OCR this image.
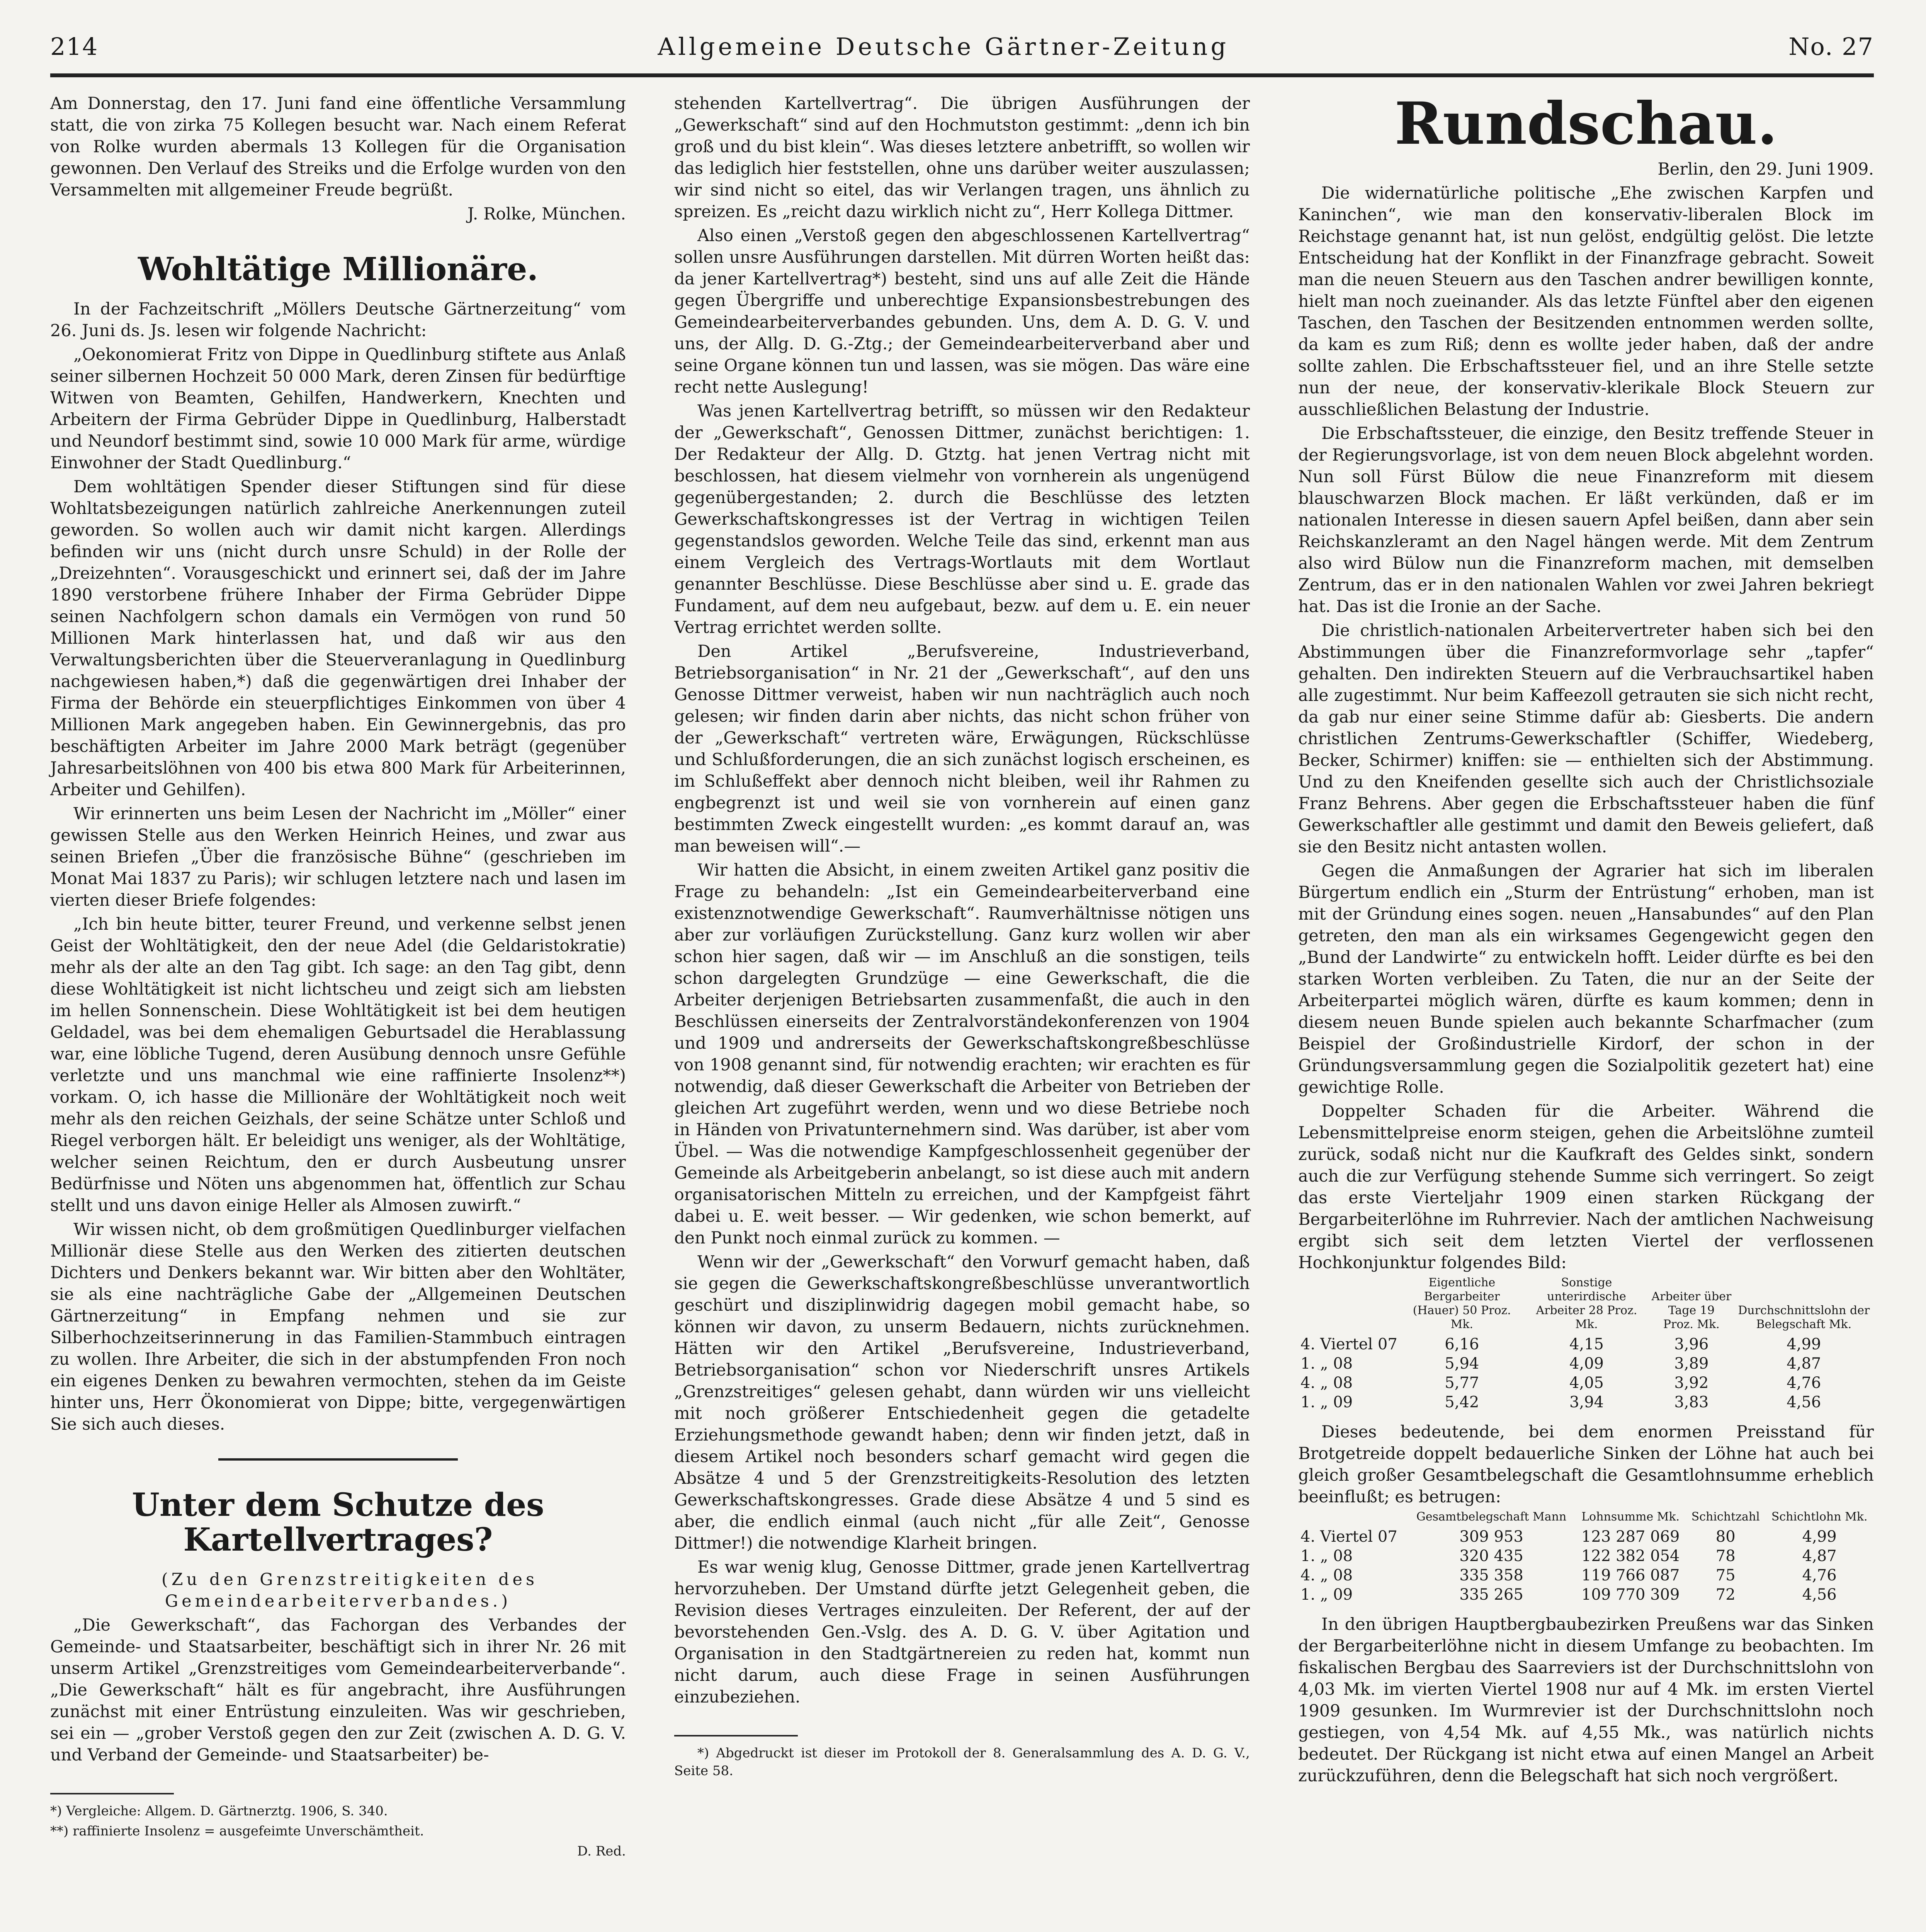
214	Allgemeine Deutsche Gärtner-Zeitung	No. 27

Am Donnerstag, den 17. Juni fand eine öffentliche Versammlung statt, die von zirka 75 Kollegen besucht war. Nach einem Referat von Rolke wurden abermals 13 Kollegen für die Organisation gewonnen. Den Verlauf des Streiks und die Erfolge wurden von den Versammelten mit allgemeiner Freude begrüßt.

J. Rolke, München.

Wohltätige Millionäre.

In der Fachzeitschrift „Möllers Deutsche Gärtnerzeitung“ vom 26. Juni ds. Js. lesen wir folgende Nachricht:

„Oekonomierat Fritz von Dippe in Quedlinburg stiftete aus Anlaß seiner silbernen Hochzeit 50 000 Mark, deren Zinsen für bedürftige Witwen von Beamten, Gehilfen, Handwerkern, Knechten und Arbeitern der Firma Gebrüder Dippe in Quedlinburg, Halberstadt und Neundorf bestimmt sind, sowie 10 000 Mark für arme, würdige Einwohner der Stadt Quedlinburg.“

Dem wohltätigen Spender dieser Stiftungen sind für diese Wohltatsbezeigungen natürlich zahlreiche Anerkennungen zuteil geworden. So wollen auch wir damit nicht kargen. Allerdings befinden wir uns (nicht durch unsre Schuld) in der Rolle der „Dreizehnten“. Vorausgeschickt und erinnert sei, daß der im Jahre 1890 verstorbene frühere Inhaber der Firma Gebrüder Dippe seinen Nachfolgern schon damals ein Vermögen von rund 50 Millionen Mark hinterlassen hat, und daß wir aus den Verwaltungsberichten über die Steuerveranlagung in Quedlinburg nachgewiesen haben,*) daß die gegenwärtigen drei Inhaber der Firma der Behörde ein steuerpflichtiges Einkommen von über 4 Millionen Mark angegeben haben. Ein Gewinnergebnis, das pro beschäftigten Arbeiter im Jahre 2000 Mark beträgt (gegenüber Jahresarbeitslöhnen von 400 bis etwa 800 Mark für Arbeiterinnen, Arbeiter und Gehilfen).

Wir erinnerten uns beim Lesen der Nachricht im „Möller“ einer gewissen Stelle aus den Werken Heinrich Heines, und zwar aus seinen Briefen „Über die französische Bühne“ (geschrieben im Monat Mai 1837 zu Paris); wir schlugen letztere nach und lasen im vierten dieser Briefe folgendes:

„Ich bin heute bitter, teurer Freund, und verkenne selbst jenen Geist der Wohltätigkeit, den der neue Adel (die Geldaristokratie) mehr als der alte an den Tag gibt. Ich sage: an den Tag gibt, denn diese Wohltätigkeit ist nicht lichtscheu und zeigt sich am liebsten im hellen Sonnenschein. Diese Wohltätigkeit ist bei dem heutigen Geldadel, was bei dem ehemaligen Geburtsadel die Herablassung war, eine löbliche Tugend, deren Ausübung dennoch unsre Gefühle verletzte und uns manchmal wie eine raffinierte Insolenz**) vorkam. O, ich hasse die Millionäre der Wohltätigkeit noch weit mehr als den reichen Geizhals, der seine Schätze unter Schloß und Riegel verborgen hält. Er beleidigt uns weniger, als der Wohltätige, welcher seinen Reichtum, den er durch Ausbeutung unsrer Bedürfnisse und Nöten uns abgenommen hat, öffentlich zur Schau stellt und uns davon einige Heller als Almosen zuwirft.“

Wir wissen nicht, ob dem großmütigen Quedlinburger vielfachen Millionär diese Stelle aus den Werken des zitierten deutschen Dichters und Denkers bekannt war. Wir bitten aber den Wohltäter, sie als eine nachträgliche Gabe der „Allgemeinen Deutschen Gärtnerzeitung“ in Empfang nehmen und sie zur Silberhochzeitserinnerung in das Familien-Stammbuch eintragen zu wollen. Ihre Arbeiter, die sich in der abstumpfenden Fron noch ein eigenes Denken zu bewahren vermochten, stehen da im Geiste hinter uns, Herr Ökonomierat von Dippe; bitte, vergegenwärtigen Sie sich auch dieses.

Unter dem Schutze des Kartellvertrages?

(Zu den Grenzstreitigkeiten des Gemeindearbeiterverbandes.)

„Die Gewerkschaft“, das Fachorgan des Verbandes der Gemeinde- und Staatsarbeiter, beschäftigt sich in ihrer Nr. 26 mit unserm Artikel „Grenzstreitiges vom Gemeindearbeiterverbande“. „Die Gewerkschaft“ hält es für angebracht, ihre Ausführungen zunächst mit einer Entrüstung einzuleiten. Was wir geschrieben, sei ein — „grober Verstoß gegen den zur Zeit (zwischen A. D. G. V. und Verband der Gemeinde- und Staatsarbeiter) be-

*) Vergleiche: Allgem. D. Gärtnerztg. 1906, S. 340.

**) raffinierte Insolenz = ausgefeimte Unverschämtheit.

D. Red.

stehenden Kartellvertrag“. Die übrigen Ausführungen der „Gewerkschaft“ sind auf den Hochmutston gestimmt: „denn ich bin groß und du bist klein“. Was dieses letztere anbetrifft, so wollen wir das lediglich hier feststellen, ohne uns darüber weiter auszulassen; wir sind nicht so eitel, das wir Verlangen tragen, uns ähnlich zu spreizen. Es „reicht dazu wirklich nicht zu“, Herr Kollega Dittmer.

Also einen „Verstoß gegen den abgeschlossenen Kartellvertrag“ sollen unsre Ausführungen darstellen. Mit dürren Worten heißt das: da jener Kartellvertrag*) besteht, sind uns auf alle Zeit die Hände gegen Übergriffe und unberechtige Expansionsbestrebungen des Gemeindearbeiterverbandes gebunden. Uns, dem A. D. G. V. und uns, der Allg. D. G.-Ztg.; der Gemeindearbeiterverband aber und seine Organe können tun und lassen, was sie mögen. Das wäre eine recht nette Auslegung!

Was jenen Kartellvertrag betrifft, so müssen wir den Redakteur der „Gewerkschaft“, Genossen Dittmer, zunächst berichtigen: 1. Der Redakteur der Allg. D. Gtztg. hat jenen Vertrag nicht mit beschlossen, hat diesem vielmehr von vornherein als ungenügend gegenübergestanden; 2. durch die Beschlüsse des letzten Gewerkschaftskongresses ist der Vertrag in wichtigen Teilen gegenstandslos geworden. Welche Teile das sind, erkennt man aus einem Vergleich des Vertrags-Wortlauts mit dem Wortlaut genannter Beschlüsse. Diese Beschlüsse aber sind u. E. grade das Fundament, auf dem neu aufgebaut, bezw. auf dem u. E. ein neuer Vertrag errichtet werden sollte.

Den Artikel „Berufsvereine, Industrieverband, Betriebsorganisation“ in Nr. 21 der „Gewerkschaft“, auf den uns Genosse Dittmer verweist, haben wir nun nachträglich auch noch gelesen; wir finden darin aber nichts, das nicht schon früher von der „Gewerkschaft“ vertreten wäre, Erwägungen, Rückschlüsse und Schlußforderungen, die an sich zunächst logisch erscheinen, es im Schlußeffekt aber dennoch nicht bleiben, weil ihr Rahmen zu engbegrenzt ist und weil sie von vornherein auf einen ganz bestimmten Zweck eingestellt wurden: „es kommt darauf an, was man beweisen will“.—

Wir hatten die Absicht, in einem zweiten Artikel ganz positiv die Frage zu behandeln: „Ist ein Gemeindearbeiterverband eine existenznotwendige Gewerkschaft“. Raumverhältnisse nötigen uns aber zur vorläufigen Zurückstellung. Ganz kurz wollen wir aber schon hier sagen, daß wir — im Anschluß an die sonstigen, teils schon dargelegten Grundzüge — eine Gewerkschaft, die die Arbeiter derjenigen Betriebsarten zusammenfaßt, die auch in den Beschlüssen einerseits der Zentralvorständekonferenzen von 1904 und 1909 und andrerseits der Gewerkschaftskongreßbeschlüsse von 1908 genannt sind, für notwendig erachten; wir erachten es für notwendig, daß dieser Gewerkschaft die Arbeiter von Betrieben der gleichen Art zugeführt werden, wenn und wo diese Betriebe noch in Händen von Privatunternehmern sind. Was darüber, ist aber vom Übel. — Was die notwendige Kampfgeschlossenheit gegenüber der Gemeinde als Arbeitgeberin anbelangt, so ist diese auch mit andern organisatorischen Mitteln zu erreichen, und der Kampfgeist fährt dabei u. E. weit besser. — Wir gedenken, wie schon bemerkt, auf den Punkt noch einmal zurück zu kommen. —

Wenn wir der „Gewerkschaft“ den Vorwurf gemacht haben, daß sie gegen die Gewerkschaftskongreßbeschlüsse unverantwortlich geschürt und disziplinwidrig dagegen mobil gemacht habe, so können wir davon, zu unserm Bedauern, nichts zurücknehmen. Hätten wir den Artikel „Berufsvereine, Industrieverband, Betriebsorganisation“ schon vor Niederschrift unsres Artikels „Grenzstreitiges“ gelesen gehabt, dann würden wir uns vielleicht mit noch größerer Entschiedenheit gegen die getadelte Erziehungsmethode gewandt haben; denn wir finden jetzt, daß in diesem Artikel noch besonders scharf gemacht wird gegen die Absätze 4 und 5 der Grenzstreitigkeits-Resolution des letzten Gewerkschaftskongresses. Grade diese Absätze 4 und 5 sind es aber, die endlich einmal (auch nicht „für alle Zeit“, Genosse Dittmer!) die notwendige Klarheit bringen.

Es war wenig klug, Genosse Dittmer, grade jenen Kartellvertrag hervorzuheben. Der Umstand dürfte jetzt Gelegenheit geben, die Revision dieses Vertrages einzuleiten. Der Referent, der auf der bevorstehenden Gen.-Vslg. des A. D. G. V. über Agitation und Organisation in den Stadtgärtnereien zu reden hat, kommt nun nicht darum, auch diese Frage in seinen Ausführungen einzubeziehen.

*) Abgedruckt ist dieser im Protokoll der 8. Generalsammlung des A. D. G. V., Seite 58.

Rundschau.

Berlin, den 29. Juni 1909.

Die widernatürliche politische „Ehe zwischen Karpfen und Kaninchen“, wie man den konservativ-liberalen Block im Reichstage genannt hat, ist nun gelöst, endgültig gelöst. Die letzte Entscheidung hat der Konflikt in der Finanzfrage gebracht. Soweit man die neuen Steuern aus den Taschen andrer bewilligen konnte, hielt man noch zueinander. Als das letzte Fünftel aber den eigenen Taschen, den Taschen der Besitzenden entnommen werden sollte, da kam es zum Riß; denn es wollte jeder haben, daß der andre sollte zahlen. Die Erbschaftssteuer fiel, und an ihre Stelle setzte nun der neue, der konservativ-klerikale Block Steuern zur ausschließlichen Belastung der Industrie.

Die Erbschaftssteuer, die einzige, den Besitz treffende Steuer in der Regierungsvorlage, ist von dem neuen Block abgelehnt worden. Nun soll Fürst Bülow die neue Finanzreform mit diesem blauschwarzen Block machen. Er läßt verkünden, daß er im nationalen Interesse in diesen sauern Apfel beißen, dann aber sein Reichskanzleramt an den Nagel hängen werde. Mit dem Zentrum also wird Bülow nun die Finanzreform machen, mit demselben Zentrum, das er in den nationalen Wahlen vor zwei Jahren bekriegt hat. Das ist die Ironie an der Sache.

Die christlich-nationalen Arbeitervertreter haben sich bei den Abstimmungen über die Finanzreformvorlage sehr „tapfer“ gehalten. Den indirekten Steuern auf die Verbrauchsartikel haben alle zugestimmt. Nur beim Kaffeezoll getrauten sie sich nicht recht, da gab nur einer seine Stimme dafür ab: Giesberts. Die andern christlichen Zentrums-Gewerkschaftler (Schiffer, Wiedeberg, Becker, Schirmer) kniffen: sie — enthielten sich der Abstimmung. Und zu den Kneifenden gesellte sich auch der Christlichsoziale Franz Behrens. Aber gegen die Erbschaftssteuer haben die fünf Gewerkschaftler alle gestimmt und damit den Beweis geliefert, daß sie den Besitz nicht antasten wollen.

Gegen die Anmaßungen der Agrarier hat sich im liberalen Bürgertum endlich ein „Sturm der Entrüstung“ erhoben, man ist mit der Gründung eines sogen. neuen „Hansabundes“ auf den Plan getreten, den man als ein wirksames Gegengewicht gegen den „Bund der Landwirte“ zu entwickeln hofft. Leider dürfte es bei den starken Worten verbleiben. Zu Taten, die nur an der Seite der Arbeiterpartei möglich wären, dürfte es kaum kommen; denn in diesem neuen Bunde spielen auch bekannte Scharfmacher (zum Beispiel der Großindustrielle Kirdorf, der schon in der Gründungsversammlung gegen die Sozialpolitik gezetert hat) eine gewichtige Rolle.

Doppelter Schaden für die Arbeiter. Während die Lebensmittelpreise enorm steigen, gehen die Arbeitslöhne zumteil zurück, sodaß nicht nur die Kaufkraft des Geldes sinkt, sondern auch die zur Verfügung stehende Summe sich verringert. So zeigt das erste Vierteljahr 1909 einen starken Rückgang der Bergarbeiterlöhne im Ruhrrevier. Nach der amtlichen Nachweisung ergibt sich seit dem letzten Viertel der verflossenen Hochkonjunktur folgendes Bild:

	Eigentliche Bergarbeiter (Hauer) 50 Proz. Mk.	Sonstige unterirdische Arbeiter 28 Proz. Mk.	Arbeiter über Tage 19 Proz. Mk.	Durchschnittslohn der Belegschaft Mk.
4. Viertel 07	6,16	4,15	3,96	4,99
1. „ 08	5,94	4,09	3,89	4,87
4. „ 08	5,77	4,05	3,92	4,76
1. „ 09	5,42	3,94	3,83	4,56

Dieses bedeutende, bei dem enormen Preisstand für Brotgetreide doppelt bedauerliche Sinken der Löhne hat auch bei gleich großer Gesamtbelegschaft die Gesamtlohnsumme erheblich beeinflußt; es betrugen:

	Gesamtbelegschaft Mann	Lohnsumme Mk.	Schichtzahl	Schichtlohn Mk.
4. Viertel 07	309 953	123 287 069	80	4,99
1. „ 08	320 435	122 382 054	78	4,87
4. „ 08	335 358	119 766 087	75	4,76
1. „ 09	335 265	109 770 309	72	4,56

In den übrigen Hauptbergbaubezirken Preußens war das Sinken der Bergarbeiterlöhne nicht in diesem Umfange zu beobachten. Im fiskalischen Bergbau des Saarreviers ist der Durchschnittslohn von 4,03 Mk. im vierten Viertel 1908 nur auf 4 Mk. im ersten Viertel 1909 gesunken. Im Wurmrevier ist der Durchschnittslohn noch gestiegen, von 4,54 Mk. auf 4,55 Mk., was natürlich nichts bedeutet. Der Rückgang ist nicht etwa auf einen Mangel an Arbeit zurückzuführen, denn die Belegschaft hat sich noch vergrößert.
